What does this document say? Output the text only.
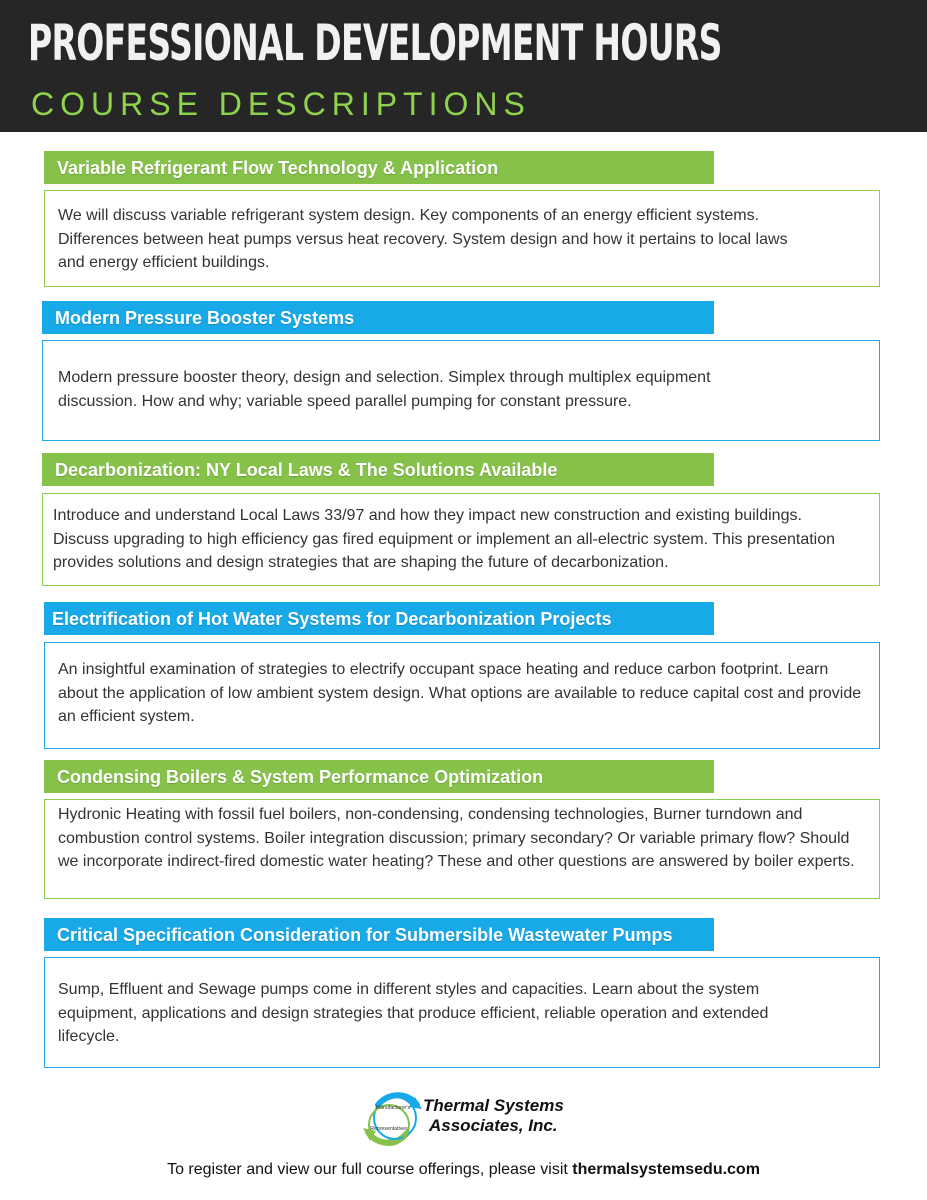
PROFESSIONAL DEVELOPMENT HOURS
COURSE DESCRIPTIONS
Variable Refrigerant Flow Technology & Application

We will discuss variable refrigerant system design. Key components of an energy efficient systems. Differences between heat pumps versus heat recovery. System design and how it pertains to local laws and energy efficient buildings.

Modern Pressure Booster Systems

Modern pressure booster theory, design and selection. Simplex through multiplex equipment discussion. How and why; variable speed parallel pumping for constant pressure.

Decarbonization: NY Local Laws & The Solutions Available

Introduce and understand Local Laws 33/97 and how they impact new construction and existing buildings. Discuss upgrading to high efficiency gas fired equipment or implement an all-electric system. This presentation provides solutions and design strategies that are shaping the future of decarbonization.

Electrification of Hot Water Systems for Decarbonization Projects

An insightful examination of strategies to electrify occupant space heating and reduce carbon footprint. Learn about the application of low ambient system design. What options are available to reduce capital cost and provide an efficient system.

Condensing Boilers & System Performance Optimization

Hydronic Heating with fossil fuel boilers, non-condensing, condensing technologies, Burner turndown and combustion control systems. Boiler integration discussion; primary secondary? Or variable primary flow? Should we incorporate indirect-fired domestic water heating? These and other questions are answered by boiler experts.

Critical Specification Consideration for Submersible Wastewater Pumps

Sump, Effluent and Sewage pumps come in different styles and capacities. Learn about the system equipment, applications and design strategies that produce efficient, reliable operation and extended lifecycle.

Manufacturer's
Representatives
Thermal Systems
Associates, Inc.
To register and view our full course offerings, please visit thermalsystemsedu.com
